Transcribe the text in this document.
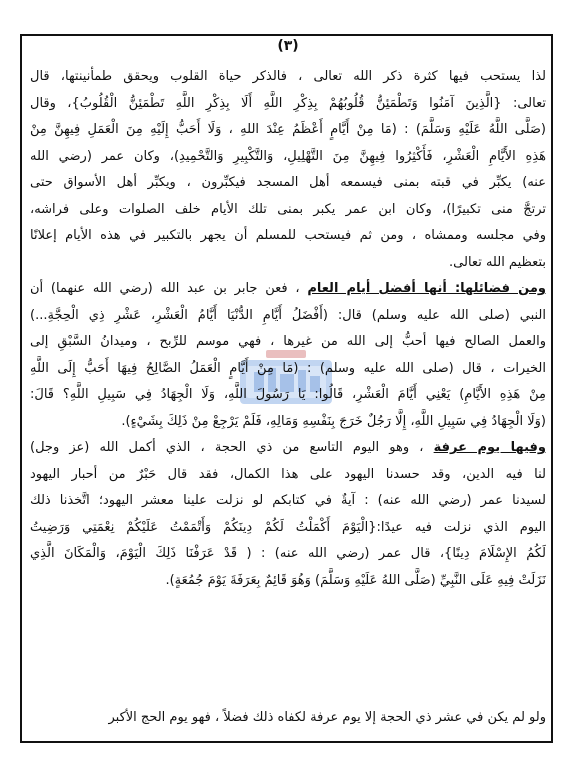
(٣)
لذا يستحب فيها كثرة ذكر الله تعالى ، فالذكر حياة القلوب ويحقق طمأنينتها، قال
تعالى: {الَّذِينَ آمَنُوا وَتَطْمَئِنُّ قُلُوبُهُمْ بِذِكْرِ اللَّهِ أَلَا بِذِكْرِ اللَّهِ تَطْمَئِنُّ الْقُلُوبُ}، وقال
(صَلَّى اللَّهُ عَلَيْهِ وَسَلَّمَ) : (مَا مِنْ أَيَّامٍ أَعْظَمُ عِنْدَ اللهِ ، وَلَا أَحَبُّ إِلَيْهِ مِنَ الْعَمَلِ فِيهِنَّ مِنْ
هَذِهِ الأَيَّامِ الْعَشْرِ، فَأَكْثِرُوا فِيهِنَّ مِنَ التَّهْلِيلِ، وَالتَّكْبِيرِ وَالتَّحْمِيدِ)، وكان عمر (رضي الله
عنه) يكبِّر في قبته بمنى فيسمعه أهل المسجد فيكبِّرون ، ويكبِّر أهل الأسواق حتى
ترتجَّ منى تكبيرًا)، وكان ابن عمر يكبر بمنى تلك الأيام خلف الصلوات وعلى فراشه،
وفي مجلسه وممشاه ، ومن ثم فيستحب للمسلم أن يجهر بالتكبير في هذه الأيام إعلانًا
بتعظيم الله تعالى.
ومن فضائلها: أنها أفضل أيام العام ، فعن جابر بن عبد الله (رضي الله عنهما) أن
النبي (صلى الله عليه وسلم) قال: (أَفْضَلُ أَيَّامِ الدُّنْيَا أَيَّامُ الْعَشْرِ، عَشْرِ ذِي الْحِجَّةِ...)
والعمل الصالح فيها أحبُّ إلى الله من غيرها ، فهي موسم للرِّبح ، وميدانُ السَّبْقِ إلى
الخيرات ، قال (صلى الله عليه وسلم) : (مَا مِنْ أَيَّامٍ الْعَمَلُ الصَّالِحُ فِيهَا أَحَبُّ إِلَى اللَّهِ
مِنْ هَذِهِ الأَيَّامِ) يَعْنِي أَيَّامَ الْعَشْرِ، قَالُوا: يَا رَسُولَ اللَّهِ، وَلَا الْجِهَادُ فِي سَبِيلِ اللَّهِ؟ قَالَ:
(وَلَا الْجِهَادُ فِي سَبِيلِ اللَّهِ، إِلَّا رَجُلٌ خَرَجَ بِنَفْسِهِ وَمَالِهِ، فَلَمْ يَرْجِعْ مِنْ ذَلِكَ بِشَيْءٍ).
وفيها يوم عرفة ، وهو اليوم التاسع من ذي الحجة ، الذي أكمل الله (عز وجل)
لنا فيه الدين، وقد حسدنا اليهود على هذا الكمال، فقد قال حَبْرٌ من أحبار اليهود
لسيدنا عمر (رضي الله عنه) : آيةٌ في كتابكم لو نزلت علينا معشر اليهود؛ اتَّخذنا ذلك
اليوم الذي نزلت فيه عيدًا:{الْيَوْمَ أَكْمَلْتُ لَكُمْ دِينَكُمْ وَأَتْمَمْتُ عَلَيْكُمْ نِعْمَتِي وَرَضِيتُ
لَكُمُ الإِسْلَامَ دِينًا}، قال عمر (رضي الله عنه) : ( قَدْ عَرَفْنَا ذَلِكَ الْيَوْمَ، وَالْمَكَانَ الَّذِي
نَزَلَتْ فِيهِ عَلَى النَّبِيِّ (صَلَّى اللهُ عَلَيْهِ وَسَلَّمَ) وَهُوَ قَائِمٌ بِعَرَفَةَ يَوْمَ جُمُعَةٍ).
ولو لم يكن في عشر ذي الحجة إلا يوم عرفة لكفاه ذلك فضلاً ، فهو يوم الحج الأكبر
